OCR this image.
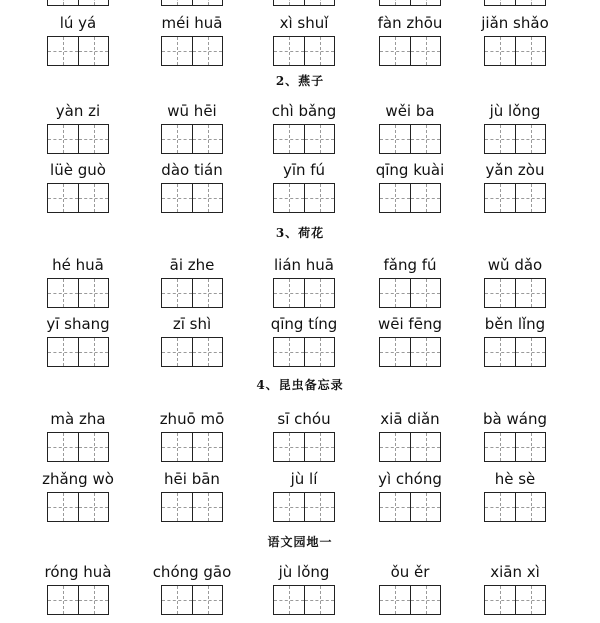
lú yá	méi huā	xì shuǐ	fàn zhōu	jiǎn shǎo
2、燕子
yàn zi	wū hēi	chì bǎng	wěi ba	jù lǒng
lüè guò	dào tián	yīn fú	qīng kuài	yǎn zòu
3、荷花
hé huā	āi zhe	lián huā	fǎng fú	wǔ dǎo
yī shang	zī shì	qīng tíng	wēi fēng	běn lǐng
4、昆虫备忘录
mà zha	zhuō mō	sī chóu	xiā diǎn	bà wáng
zhǎng wò	hēi bān	jù lí	yì chóng	hè sè
语文园地一
róng huà	chóng gāo	jù lǒng	ǒu ěr	xiān xì
